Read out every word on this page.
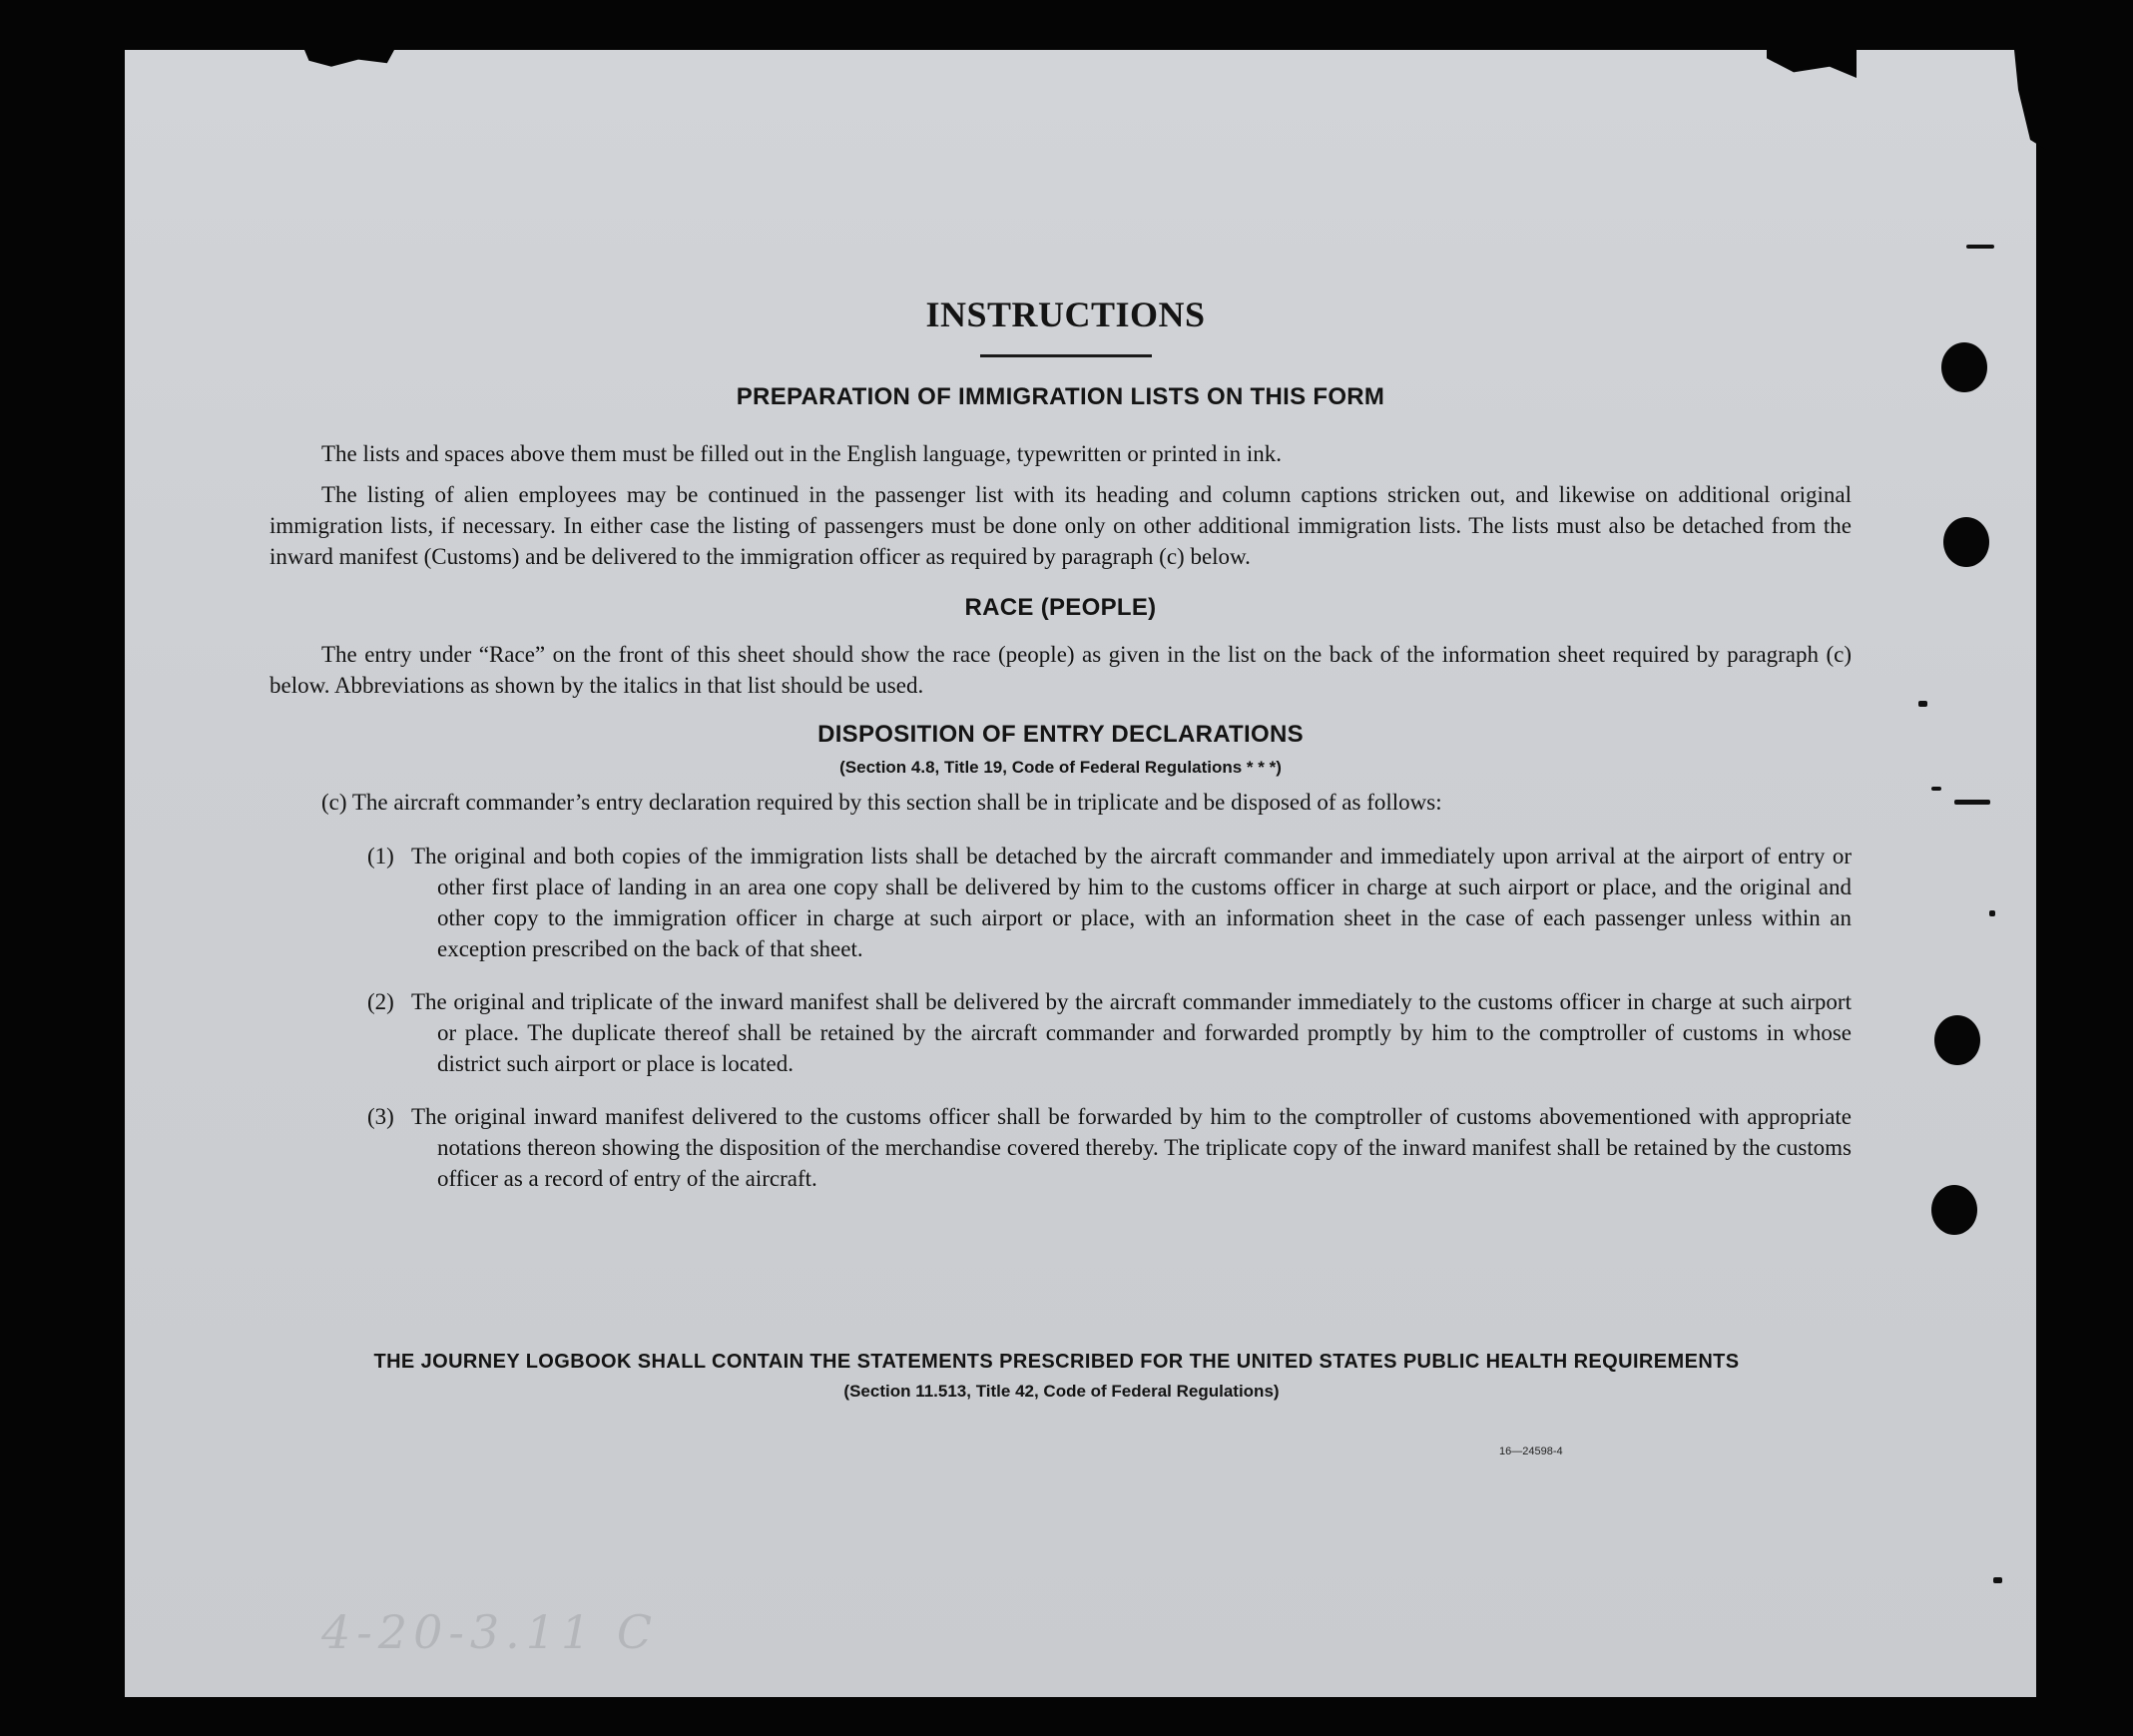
INSTRUCTIONS
PREPARATION OF IMMIGRATION LISTS ON THIS FORM

The lists and spaces above them must be filled out in the English language, typewritten or printed in ink.

The listing of alien employees may be continued in the passenger list with its heading and column captions stricken out, and likewise on additional original immigration lists, if necessary. In either case the listing of passengers must be done only on other additional immigration lists. The lists must also be detached from the inward manifest (Customs) and be delivered to the immigration officer as required by paragraph (c) below.

RACE (PEOPLE)

The entry under “Race” on the front of this sheet should show the race (people) as given in the list on the back of the information sheet required by paragraph (c) below. Abbreviations as shown by the italics in that list should be used.

DISPOSITION OF ENTRY DECLARATIONS
(Section 4.8, Title 19, Code of Federal Regulations * * *)

(c) The aircraft commander’s entry declaration required by this section shall be in triplicate and be disposed of as follows:

(1) The original and both copies of the immigration lists shall be detached by the aircraft commander and immediately upon arrival at the airport of entry or other first place of landing in an area one copy shall be delivered by him to the customs officer in charge at such airport or place, and the original and other copy to the immigration officer in charge at such airport or place, with an information sheet in the case of each passenger unless within an exception prescribed on the back of that sheet.
(2) The original and triplicate of the inward manifest shall be delivered by the aircraft commander immediately to the customs officer in charge at such airport or place. The duplicate thereof shall be retained by the aircraft commander and forwarded promptly by him to the comptroller of customs in whose district such airport or place is located.
(3) The original inward manifest delivered to the customs officer shall be forwarded by him to the comptroller of customs abovementioned with appropriate notations thereon showing the disposition of the merchandise covered thereby. The triplicate copy of the inward manifest shall be retained by the customs officer as a record of entry of the aircraft.
THE JOURNEY LOGBOOK SHALL CONTAIN THE STATEMENTS PRESCRIBED FOR THE UNITED STATES PUBLIC HEALTH REQUIREMENTS
(Section 11.513, Title 42, Code of Federal Regulations)
16—24598-4
4-20-3.11 C
